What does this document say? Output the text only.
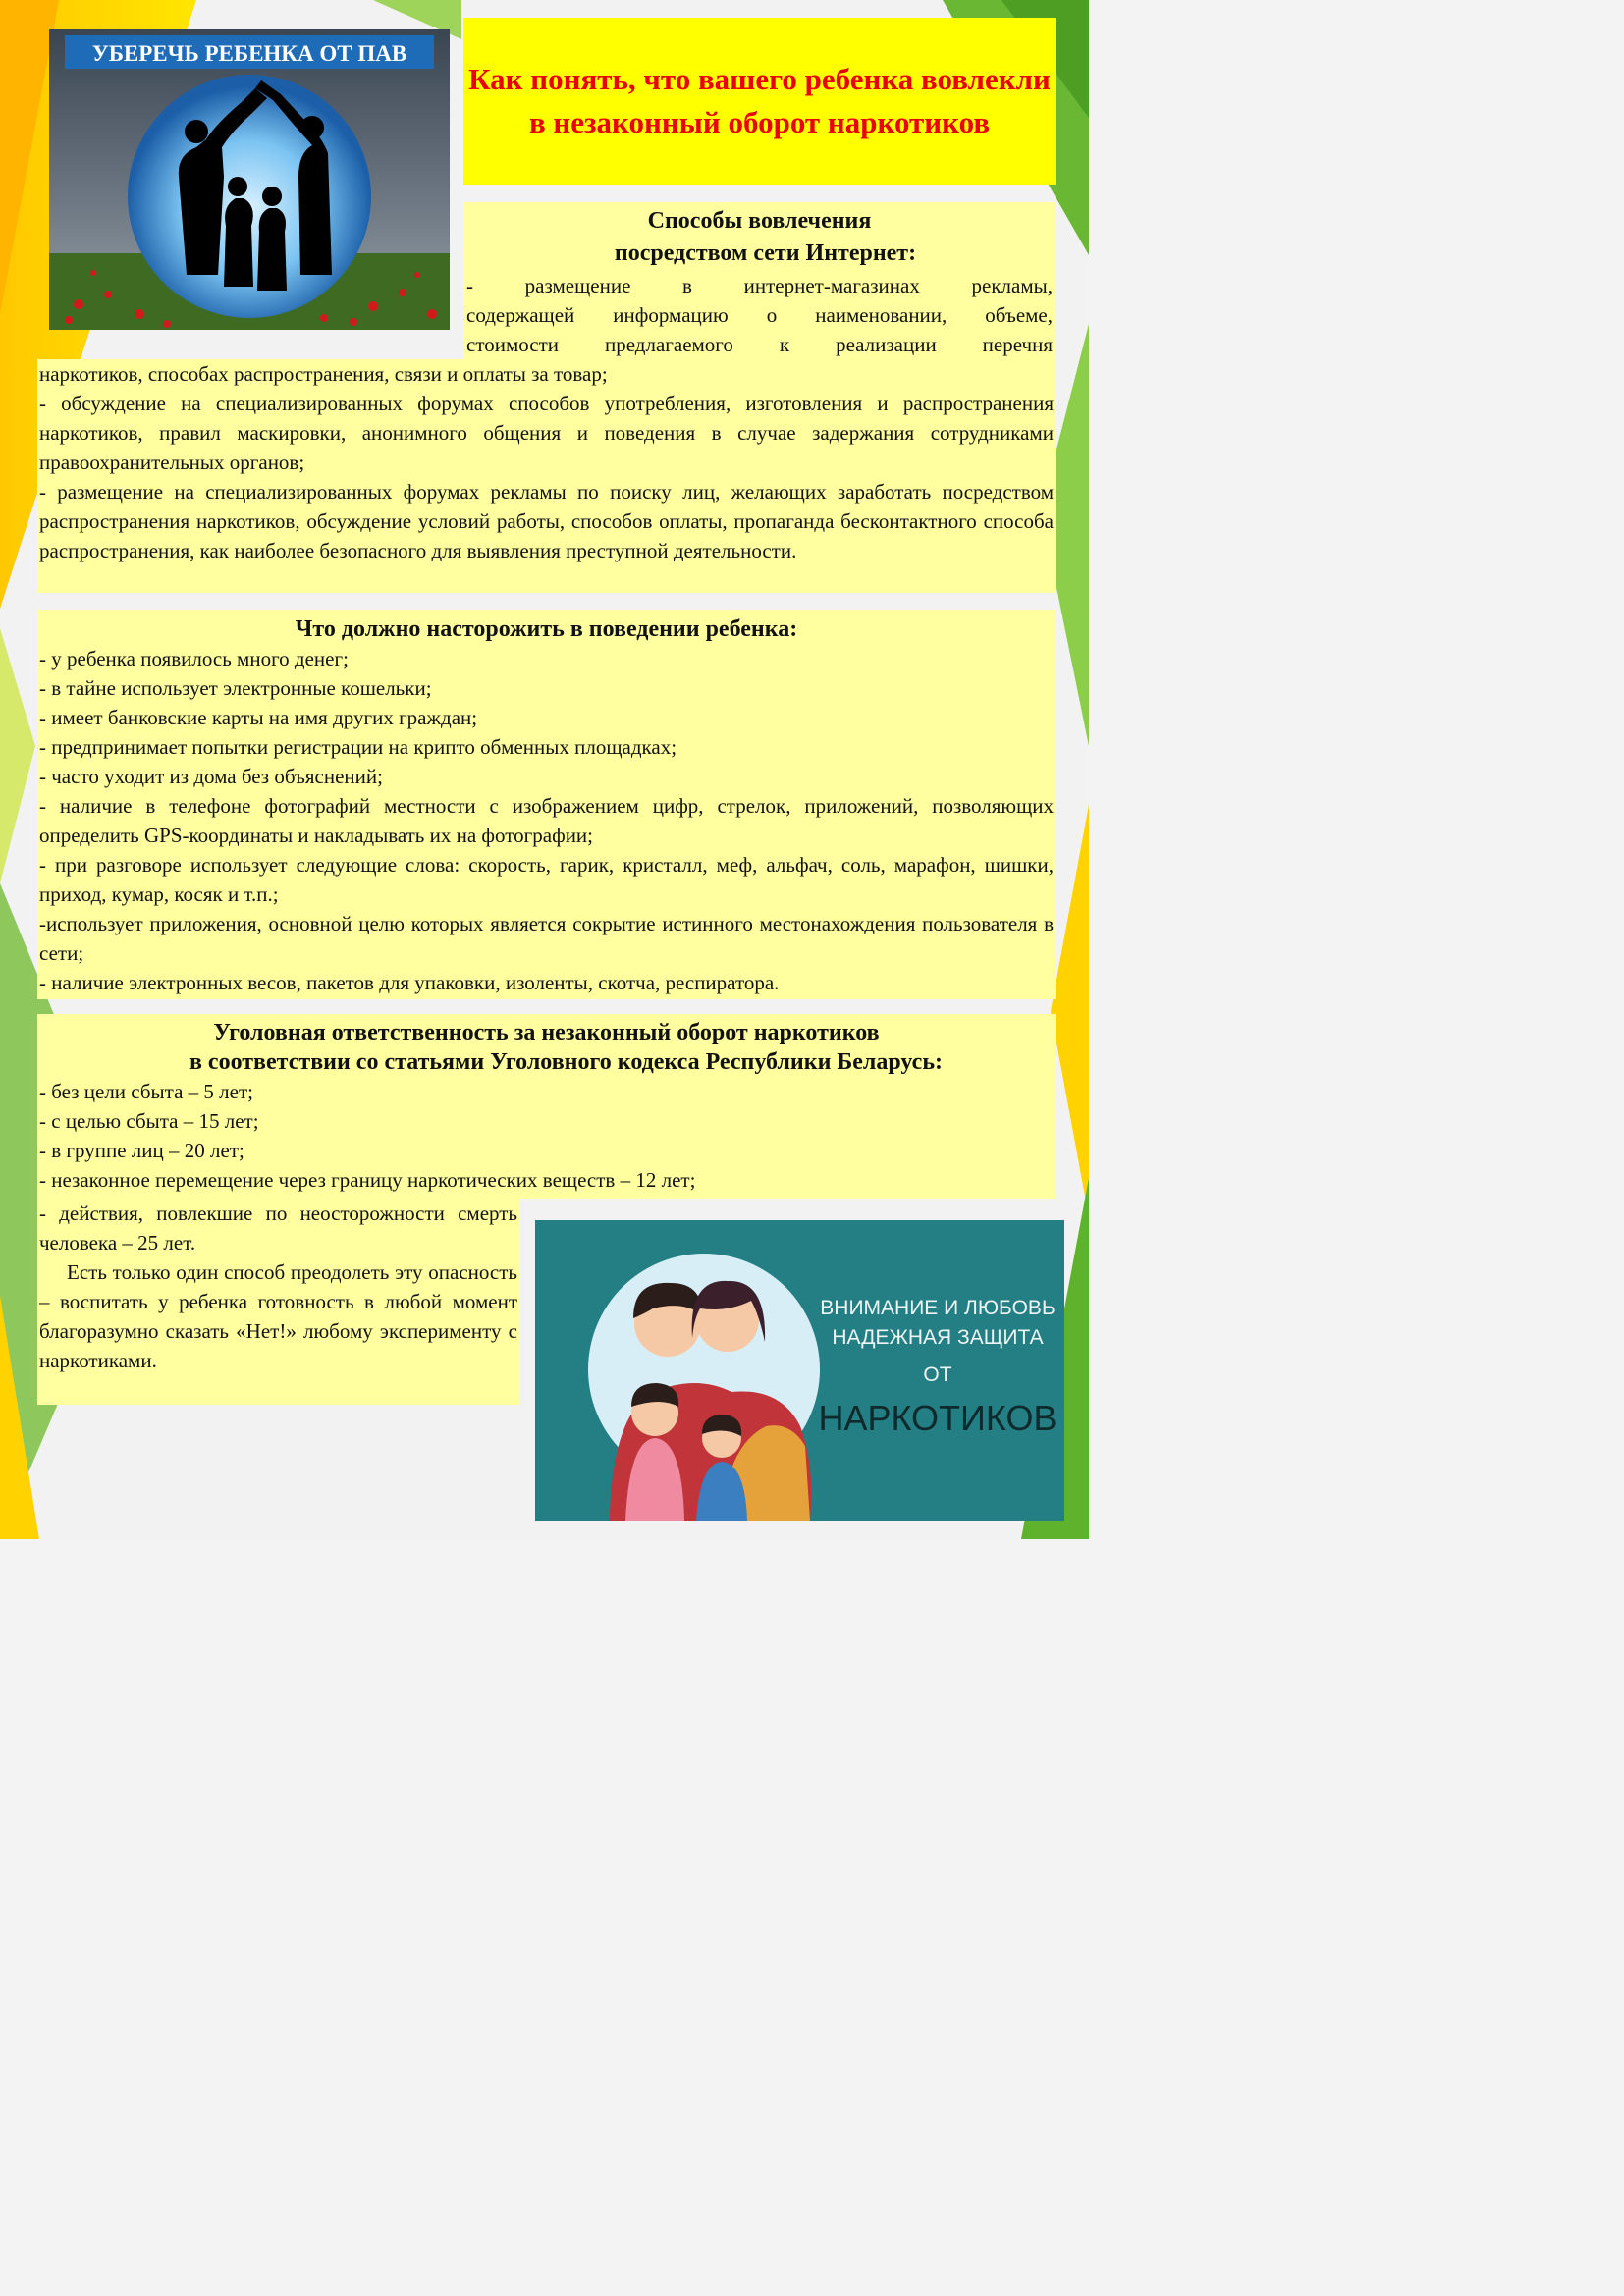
УБЕРЕЧЬ РЕБЕНКА ОТ ПАВ
Как понять, что вашего ребенка вовлекли в незаконный оборот наркотиков
Способы вовлечения
посредством сети Интернет:
- размещение в интернет-магазинах рекламы,
содержащей информацию о наименовании, объеме,
стоимости предлагаемого к реализации перечня
наркотиков, способах распространения, связи и оплаты за товар;
- обсуждение на специализированных форумах способов употребления, изготовления и распространения наркотиков, правил маскировки, анонимного общения и поведения в случае задержания сотрудниками правоохранительных органов;
- размещение на специализированных форумах рекламы по поиску лиц, желающих заработать посредством распространения наркотиков, обсуждение условий работы, способов оплаты, пропаганда бесконтактного способа распространения, как наиболее безопасного для выявления преступной деятельности.
Что должно насторожить в поведении ребенка:
- у ребенка появилось много денег;
- в тайне использует электронные кошельки;
- имеет банковские карты на имя других граждан;
- предпринимает попытки регистрации на крипто обменных площадках;
- часто уходит из дома без объяснений;
- наличие в телефоне фотографий местности с изображением цифр, стрелок, приложений, позволяющих определить GPS-координаты и накладывать их на фотографии;
- при разговоре использует следующие слова: скорость, гарик, кристалл, меф, альфач, соль, марафон, шишки, приход, кумар, косяк и т.п.;
-использует приложения, основной целю которых является сокрытие истинного местонахождения пользователя в сети;
- наличие электронных весов, пакетов для упаковки, изоленты, скотча, респиратора.
Уголовная ответственность за незаконный оборот наркотиков
в соответствии со статьями Уголовного кодекса Республики Беларусь:
- без цели сбыта – 5 лет;
- с целью сбыта – 15 лет;
- в группе лиц – 20 лет;
- незаконное перемещение через границу наркотических веществ – 12 лет;
- действия, повлекшие по неосторожности смерть человека – 25 лет.
Есть только один способ преодолеть эту опасность – воспитать у ребенка готовность в любой момент благоразумно сказать «Нет!» любому эксперименту с наркотиками.
ВНИМАНИЕ И ЛЮБОВЬ
НАДЕЖНАЯ ЗАЩИТА
ОТ
НАРКОТИКОВ
